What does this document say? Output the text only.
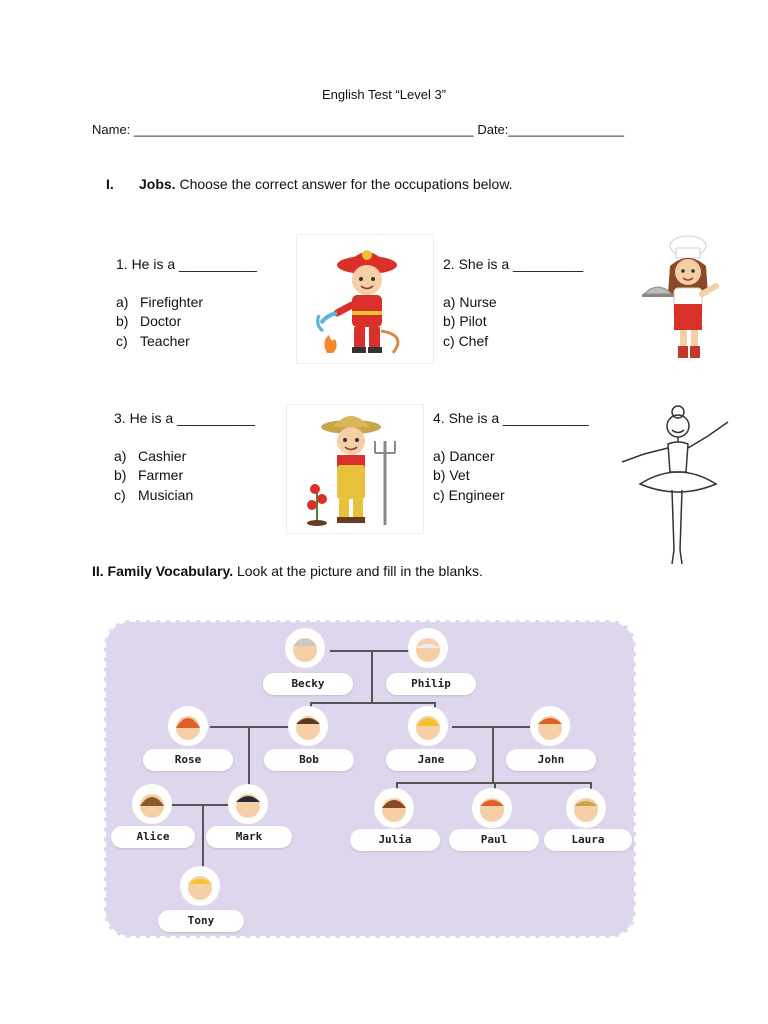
English Test “Level 3”
Name: _______________________________________________ Date:________________
I. Jobs. Choose the correct answer for the occupations below.
1. He is a __________
a) Firefighter
b) Doctor
c) Teacher
2. She is a _________
a) Nurse
b) Pilot
c) Chef
3. He is a __________
a) Cashier
b) Farmer
c) Musician
4. She is a ___________
a) Dancer
b) Vet
c) Engineer
II. Family Vocabulary. Look at the picture and fill in the blanks.
Becky	Philip
Rose	Bob	Jane	John
Alice	Mark	Julia	Paul	Laura
Tony
